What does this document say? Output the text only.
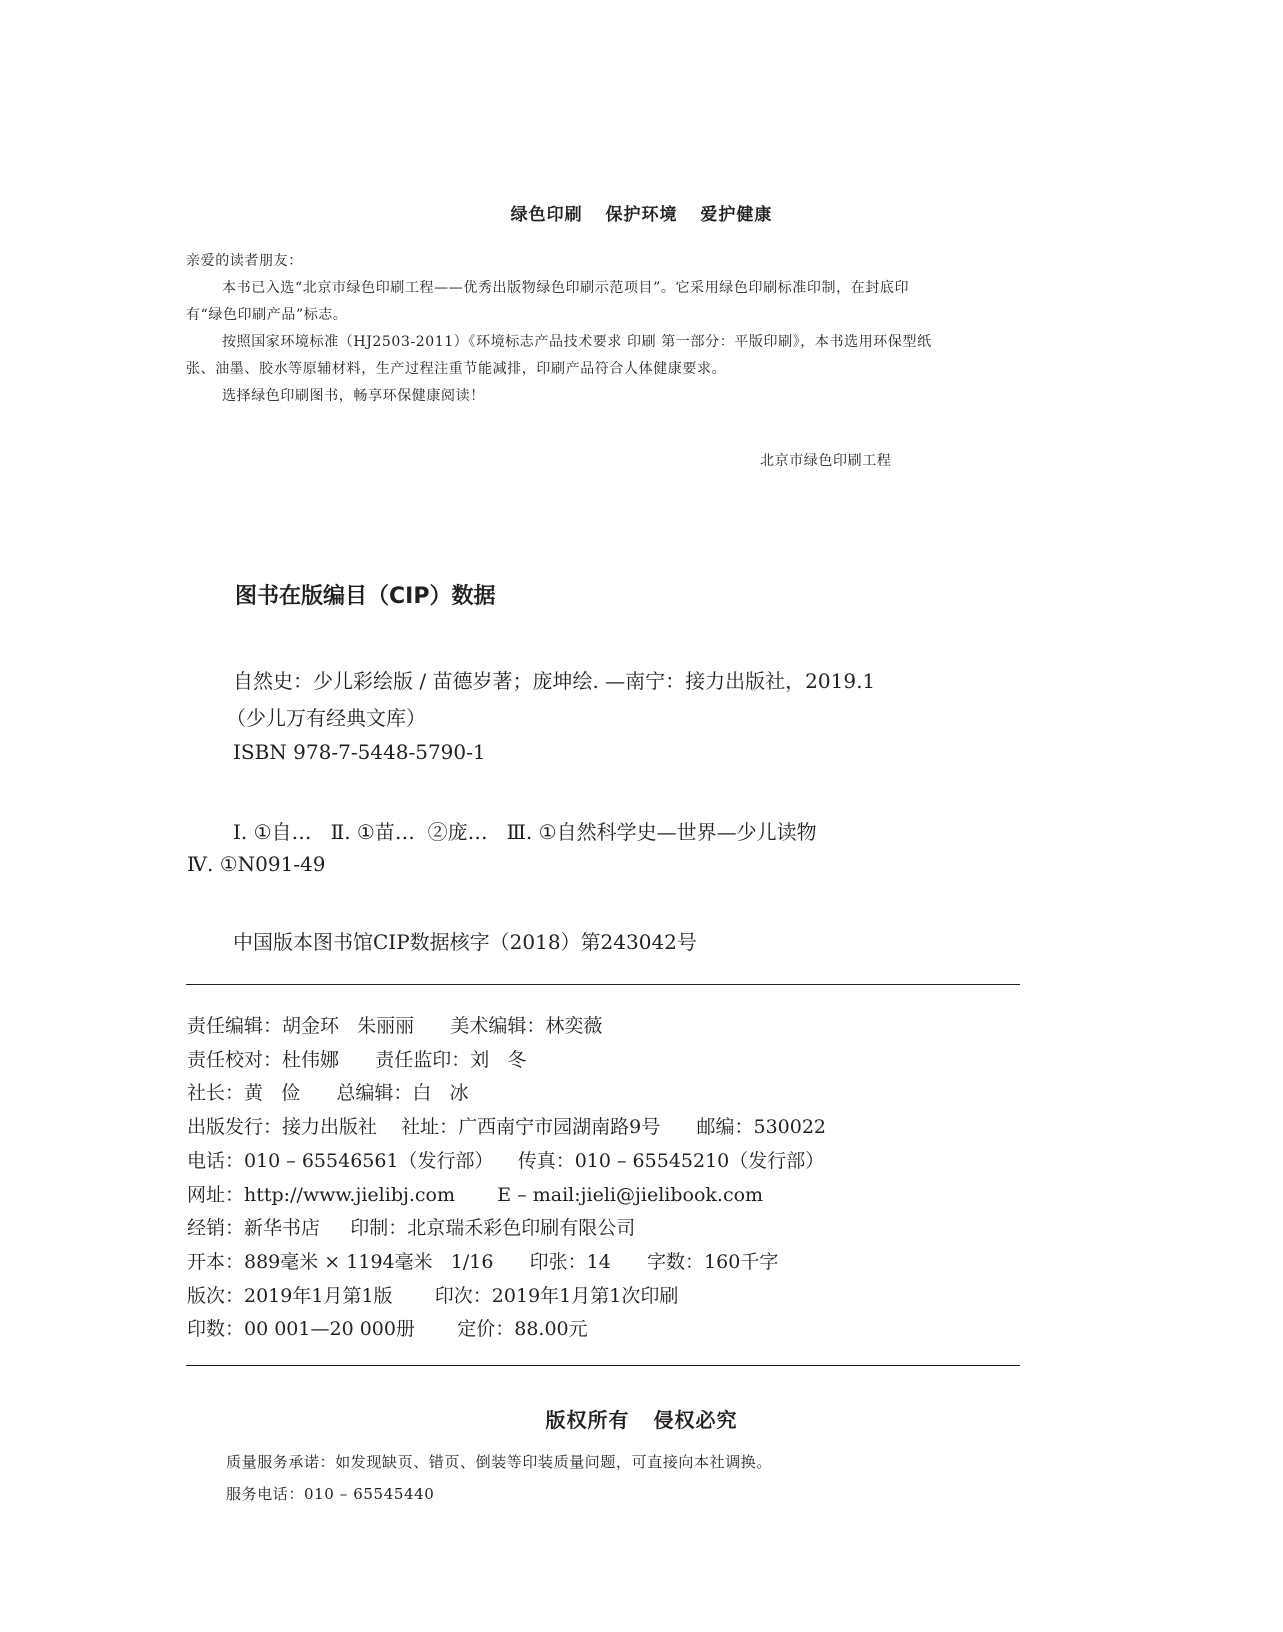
绿色印刷 保护环境 爱护健康

亲爱的读者朋友：

本书已入选“北京市绿色印刷工程——优秀出版物绿色印刷示范项目”。它采用绿色印刷标准印制，在封底印有“绿色印刷产品”标志。

按照国家环境标准（HJ2503-2011）《环境标志产品技术要求 印刷 第一部分：平版印刷》，本书选用环保型纸张、油墨、胶水等原辅材料，生产过程注重节能减排，印刷产品符合人体健康要求。

选择绿色印刷图书，畅享环保健康阅读！

北京市绿色印刷工程
图书在版编目（CIP）数据
自然史：少儿彩绘版 / 苗德岁著；庞坤绘. —南宁：接力出版社，2019.1
（少儿万有经典文库）
ISBN 978-7-5448-5790-1
Ⅰ. ①自…   Ⅱ. ①苗…  ②庞…   Ⅲ. ①自然科学史—世界—少儿读物
Ⅳ. ①N091-49
中国版本图书馆CIP数据核字（2018）第243042号
责任编辑：胡金环   朱丽丽      美术编辑：林奕薇
责任校对：杜伟娜      责任监印：刘   冬
社长：黄   俭      总编辑：白   冰
出版发行：接力出版社    社址：广西南宁市园湖南路9号      邮编：530022
电话：010 – 65546561（发行部）    传真：010 – 65545210（发行部）
网址：http://www.jielibj.com       E – mail:jieli@jielibook.com
经销：新华书店     印制：北京瑞禾彩色印刷有限公司
开本：889毫米 × 1194毫米   1/16      印张：14      字数：160千字
版次：2019年1月第1版       印次：2019年1月第1次印刷
印数：00 001—20 000册       定价：88.00元
版权所有 侵权必究
质量服务承诺：如发现缺页、错页、倒装等印装质量问题，可直接向本社调换。
服务电话：010 – 65545440
